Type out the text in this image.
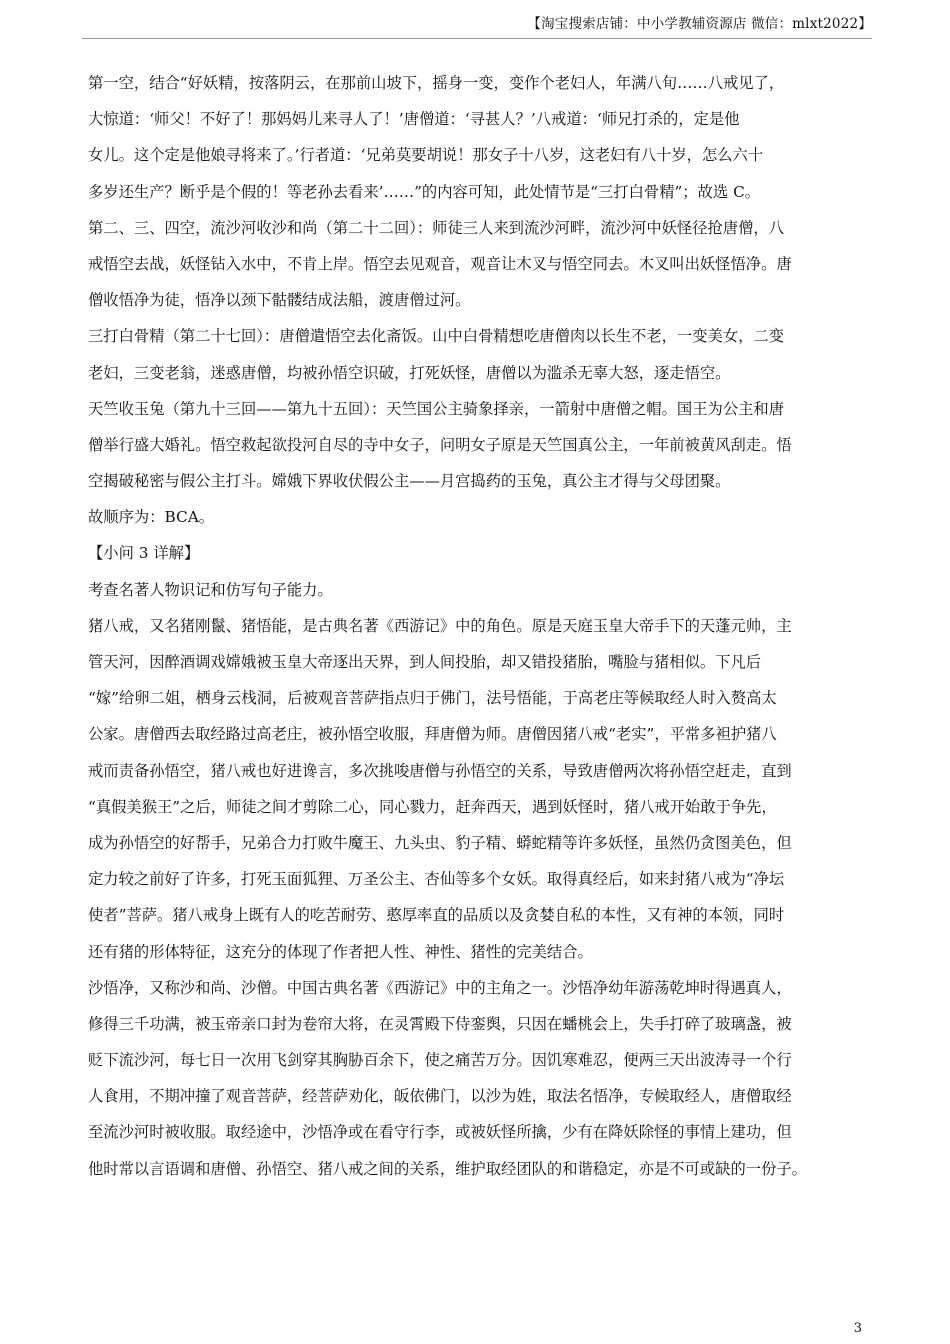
【淘宝搜索店铺：中小学教辅资源店 微信：mlxt2022】
第一空，结合“好妖精，按落阴云，在那前山坡下，摇身一变，变作个老妇人，年满八旬……八戒见了，
大惊道：‘师父！不好了！那妈妈儿来寻人了！’唐僧道：‘寻甚人？’八戒道：‘师兄打杀的，定是他
女儿。这个定是他娘寻将来了。’行者道：‘兄弟莫要胡说！那女子十八岁，这老妇有八十岁，怎么六十
多岁还生产？断乎是个假的！等老孙去看来’……”的内容可知，此处情节是“三打白骨精”；故选 C。
第二、三、四空，流沙河收沙和尚（第二十二回）：师徒三人来到流沙河畔，流沙河中妖怪径抢唐僧，八
戒悟空去战，妖怪钻入水中，不肯上岸。悟空去见观音，观音让木叉与悟空同去。木叉叫出妖怪悟净。唐
僧收悟净为徒，悟净以颈下骷髅结成法船，渡唐僧过河。
三打白骨精（第二十七回）：唐僧遣悟空去化斋饭。山中白骨精想吃唐僧肉以长生不老，一变美女，二变
老妇，三变老翁，迷惑唐僧，均被孙悟空识破，打死妖怪，唐僧以为滥杀无辜大怒，逐走悟空。
天竺收玉兔（第九十三回——第九十五回）：天竺国公主骑象择亲，一箭射中唐僧之帽。国王为公主和唐
僧举行盛大婚礼。悟空救起欲投河自尽的寺中女子，问明女子原是天竺国真公主，一年前被黄风刮走。悟
空揭破秘密与假公主打斗。嫦娥下界收伏假公主——月宫捣药的玉兔，真公主才得与父母团聚。
故顺序为：BCA。
【小问 3 详解】
考查名著人物识记和仿写句子能力。
猪八戒，又名猪刚鬣、猪悟能，是古典名著《西游记》中的角色。原是天庭玉皇大帝手下的天蓬元帅，主
管天河，因醉酒调戏嫦娥被玉皇大帝逐出天界，到人间投胎，却又错投猪胎，嘴脸与猪相似。下凡后
“嫁”给卵二姐，栖身云栈洞，后被观音菩萨指点归于佛门，法号悟能，于高老庄等候取经人时入赘高太
公家。唐僧西去取经路过高老庄，被孙悟空收服，拜唐僧为师。唐僧因猪八戒“老实”，平常多袒护猪八
戒而责备孙悟空，猪八戒也好进谗言，多次挑唆唐僧与孙悟空的关系，导致唐僧两次将孙悟空赶走，直到
“真假美猴王”之后，师徒之间才剪除二心，同心戮力，赶奔西天，遇到妖怪时，猪八戒开始敢于争先，
成为孙悟空的好帮手，兄弟合力打败牛魔王、九头虫、豹子精、蟒蛇精等许多妖怪，虽然仍贪图美色，但
定力较之前好了许多，打死玉面狐狸、万圣公主、杏仙等多个女妖。取得真经后，如来封猪八戒为“净坛
使者”菩萨。猪八戒身上既有人的吃苦耐劳、憨厚率直的品质以及贪婪自私的本性，又有神的本领，同时
还有猪的形体特征，这充分的体现了作者把人性、神性、猪性的完美结合。
沙悟净，又称沙和尚、沙僧。中国古典名著《西游记》中的主角之一。沙悟净幼年游荡乾坤时得遇真人，
修得三千功满，被玉帝亲口封为卷帘大将，在灵霄殿下侍銮舆，只因在蟠桃会上，失手打碎了玻璃盏，被
贬下流沙河，每七日一次用飞剑穿其胸胁百余下，使之痛苦万分。因饥寒难忍，便两三天出波涛寻一个行
人食用，不期冲撞了观音菩萨，经菩萨劝化，皈依佛门，以沙为姓，取法名悟净，专候取经人，唐僧取经
至流沙河时被收服。取经途中，沙悟净或在看守行李，或被妖怪所擒，少有在降妖除怪的事情上建功，但
他时常以言语调和唐僧、孙悟空、猪八戒之间的关系，维护取经团队的和谐稳定，亦是不可或缺的一份子。
3
